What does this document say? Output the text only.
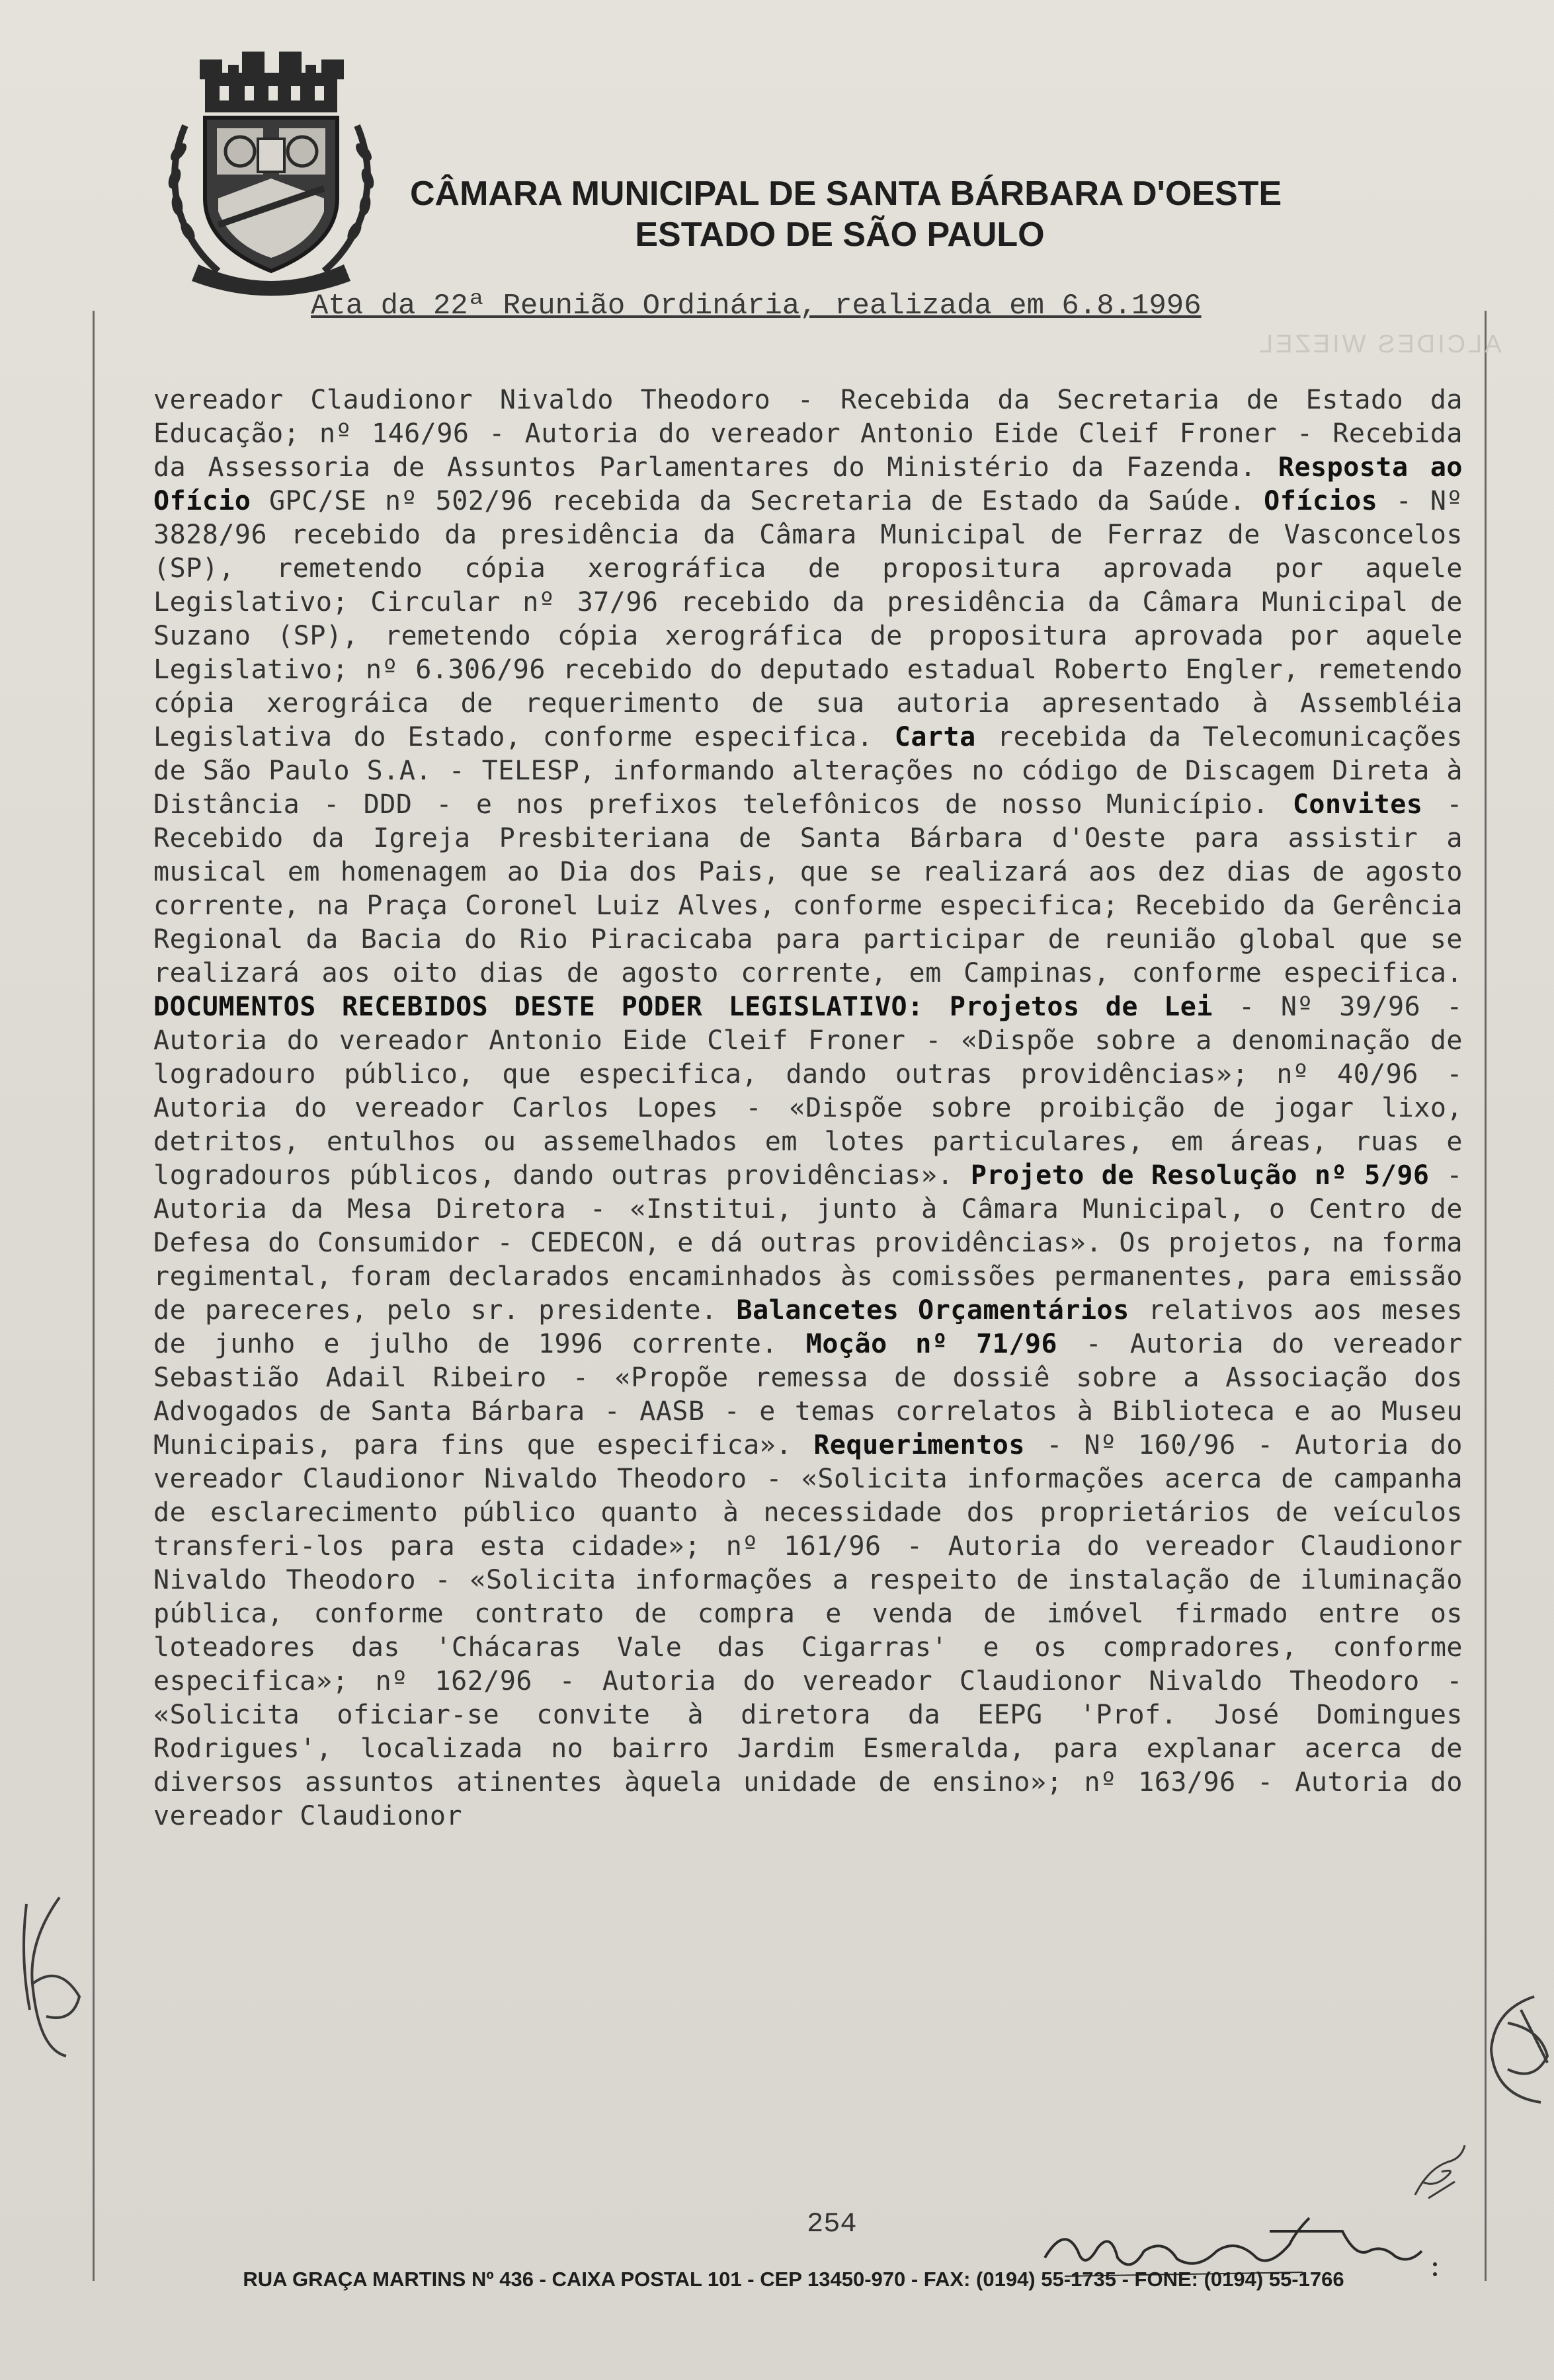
CÂMARA MUNICIPAL DE SANTA BÁRBARA D'OESTE
ESTADO DE SÃO PAULO
Ata da 22ª Reunião Ordinária, realizada em 6.8.1996
ALCIDES WIEZEL
vereador Claudionor Nivaldo Theodoro - Recebida da Secretaria de Estado da Educação; nº 146/96 - Autoria do vereador Antonio Eide Cleif Froner - Recebida da Assessoria de Assuntos Parlamentares do Ministério da Fazenda. Resposta ao Ofício GPC/SE nº 502/96 recebida da Secretaria de Estado da Saúde. Ofícios - Nº 3828/96 recebido da presidência da Câmara Municipal de Ferraz de Vasconcelos (SP), remetendo cópia xerográfica de propositura aprovada por aquele Legislativo; Circular nº 37/96 recebido da presidência da Câmara Municipal de Suzano (SP), remetendo cópia xerográfica de propositura aprovada por aquele Legislativo; nº 6.306/96 recebido do deputado estadual Roberto Engler, remetendo cópia xerográica de requerimento de sua autoria apresentado à Assembléia Legislativa do Estado, conforme especifica. Carta recebida da Telecomunicações de São Paulo S.A. - TELESP, informando alterações no código de Discagem Direta à Distância - DDD - e nos prefixos telefônicos de nosso Município. Convites - Recebido da Igreja Presbiteriana de Santa Bárbara d'Oeste para assistir a musical em homenagem ao Dia dos Pais, que se realizará aos dez dias de agosto corrente, na Praça Coronel Luiz Alves, conforme especifica; Recebido da Gerência Regional da Bacia do Rio Piracicaba para participar de reunião global que se realizará aos oito dias de agosto corrente, em Campinas, conforme especifica. DOCUMENTOS RECEBIDOS DESTE PODER LEGISLATIVO: Projetos de Lei - Nº 39/96 - Autoria do vereador Antonio Eide Cleif Froner - «Dispõe sobre a denominação de logradouro público, que especifica, dando outras providências»; nº 40/96 - Autoria do vereador Carlos Lopes - «Dispõe sobre proibição de jogar lixo, detritos, entulhos ou assemelhados em lotes particulares, em áreas, ruas e logradouros públicos, dando outras providências». Projeto de Resolução nº 5/96 - Autoria da Mesa Diretora - «Institui, junto à Câmara Municipal, o Centro de Defesa do Consumidor - CEDECON, e dá outras providências». Os projetos, na forma regimental, foram declarados encaminhados às comissões permanentes, para emissão de pareceres, pelo sr. presidente. Balancetes Orçamentários relativos aos meses de junho e julho de 1996 corrente. Moção nº 71/96 - Autoria do vereador Sebastião Adail Ribeiro - «Propõe remessa de dossiê sobre a Associação dos Advogados de Santa Bárbara - AASB - e temas correlatos à Biblioteca e ao Museu Municipais, para fins que especifica». Requerimentos - Nº 160/96 - Autoria do vereador Claudionor Nivaldo Theodoro - «Solicita informações acerca de campanha de esclarecimento público quanto à necessidade dos proprietários de veículos transferi-los para esta cidade»; nº 161/96 - Autoria do vereador Claudionor Nivaldo Theodoro - «Solicita informações a respeito de instalação de iluminação pública, conforme contrato de compra e venda de imóvel firmado entre os loteadores das 'Chácaras Vale das Cigarras' e os compradores, conforme especifica»; nº 162/96 - Autoria do vereador Claudionor Nivaldo Theodoro - «Solicita oficiar-se convite à diretora da EEPG 'Prof. José Domingues Rodrigues', localizada no bairro Jardim Esmeralda, para explanar acerca de diversos assuntos atinentes àquela unidade de ensino»; nº 163/96 - Autoria do vereador Claudionor
254
RUA GRAÇA MARTINS Nº 436 - CAIXA POSTAL 101 - CEP 13450-970 - FAX: (0194) 55-1735 - FONE: (0194) 55-1766
